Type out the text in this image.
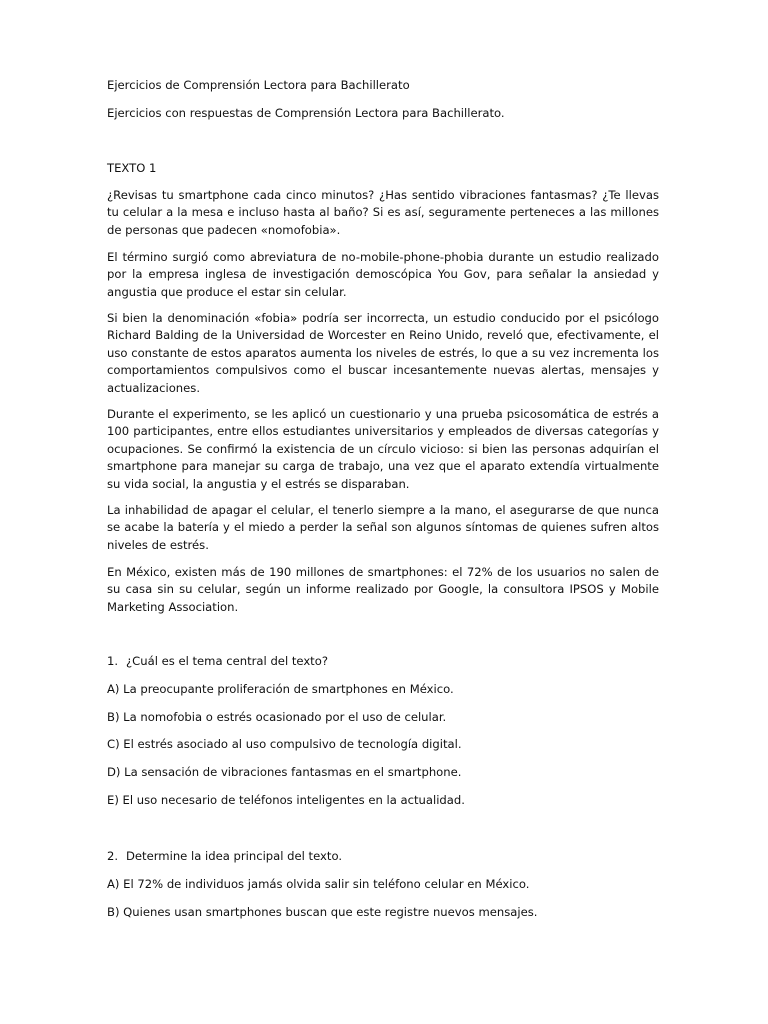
Ejercicios de Comprensión Lectora para Bachillerato

Ejercicios con respuestas de Comprensión Lectora para Bachillerato.

TEXTO 1

¿Revisas tu smartphone cada cinco minutos? ¿Has sentido vibraciones fantasmas? ¿Te llevas tu celular a la mesa e incluso hasta al baño? Si es así, seguramente perteneces a las millones de personas que padecen «nomofobia».

El término surgió como abreviatura de no-mobile-phone-phobia durante un estudio realizado por la empresa inglesa de investigación demoscópica You Gov, para señalar la ansiedad y angustia que produce el estar sin celular.

Si bien la denominación «fobia» podría ser incorrecta, un estudio conducido por el psicólogo Richard Balding de la Universidad de Worcester en Reino Unido, reveló que, efectivamente, el uso constante de estos aparatos aumenta los niveles de estrés, lo que a su vez incrementa los comportamientos compulsivos como el buscar incesantemente nuevas alertas, mensajes y actualizaciones.

Durante el experimento, se les aplicó un cuestionario y una prueba psicosomática de estrés a 100 participantes, entre ellos estudiantes universitarios y empleados de diversas categorías y ocupaciones. Se confirmó la existencia de un círculo vicioso: si bien las personas adquirían el smartphone para manejar su carga de trabajo, una vez que el aparato extendía virtualmente su vida social, la angustia y el estrés se disparaban.

La inhabilidad de apagar el celular, el tenerlo siempre a la mano, el asegurarse de que nunca se acabe la batería y el miedo a perder la señal son algunos síntomas de quienes sufren altos niveles de estrés.

En México, existen más de 190 millones de smartphones: el 72% de los usuarios no salen de su casa sin su celular, según un informe realizado por Google, la consultora IPSOS y Mobile Marketing Association.

1. ¿Cuál es el tema central del texto?

A) La preocupante proliferación de smartphones en México.

B) La nomofobia o estrés ocasionado por el uso de celular.

C) El estrés asociado al uso compulsivo de tecnología digital.

D) La sensación de vibraciones fantasmas en el smartphone.

E) El uso necesario de teléfonos inteligentes en la actualidad.

2. Determine la idea principal del texto.

A) El 72% de individuos jamás olvida salir sin teléfono celular en México.

B) Quienes usan smartphones buscan que este registre nuevos mensajes.
